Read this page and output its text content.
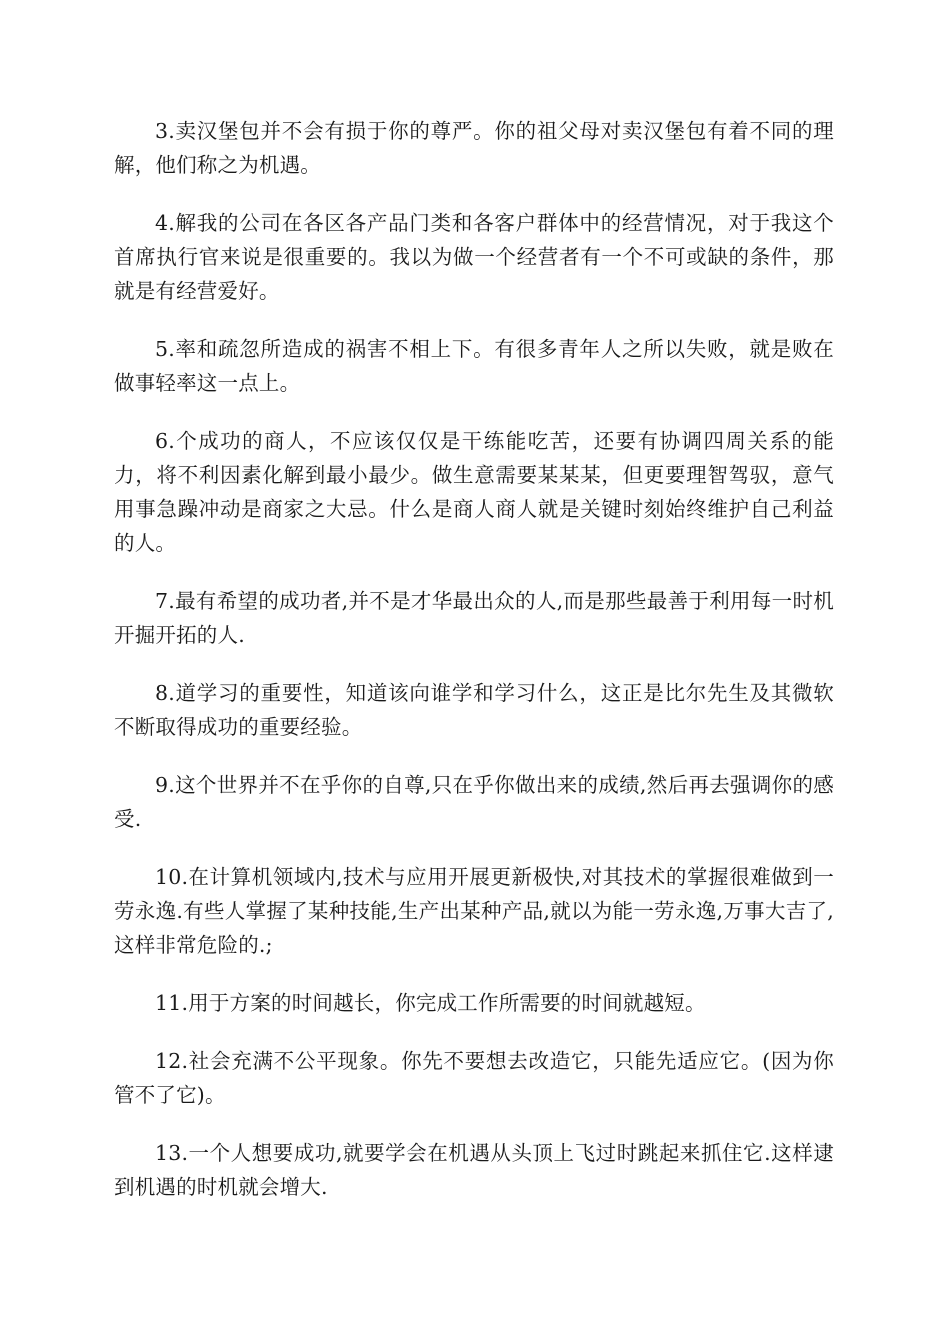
3.卖汉堡包并不会有损于你的尊严。你的祖父母对卖汉堡包有着不同的理解，他们称之为机遇。

4.解我的公司在各区各产品门类和各客户群体中的经营情况，对于我这个首席执行官来说是很重要的。我以为做一个经营者有一个不可或缺的条件，那就是有经营爱好。

5.率和疏忽所造成的祸害不相上下。有很多青年人之所以失败，就是败在做事轻率这一点上。

6.个成功的商人，不应该仅仅是干练能吃苦，还要有协调四周关系的能力，将不利因素化解到最小最少。做生意需要某某某，但更要理智驾驭，意气用事急躁冲动是商家之大忌。什么是商人商人就是关键时刻始终维护自己利益的人。

7.最有希望的成功者,并不是才华最出众的人,而是那些最善于利用每一时机开掘开拓的人.

8.道学习的重要性，知道该向谁学和学习什么，这正是比尔先生及其微软不断取得成功的重要经验。

9.这个世界并不在乎你的自尊,只在乎你做出来的成绩,然后再去强调你的感受.

10.在计算机领域内,技术与应用开展更新极快,对其技术的掌握很难做到一劳永逸.有些人掌握了某种技能,生产出某种产品,就以为能一劳永逸,万事大吉了,这样非常危险的.;

11.用于方案的时间越长，你完成工作所需要的时间就越短。

12.社会充满不公平现象。你先不要想去改造它，只能先适应它。(因为你管不了它)。

13.一个人想要成功,就要学会在机遇从头顶上飞过时跳起来抓住它.这样逮到机遇的时机就会增大.
